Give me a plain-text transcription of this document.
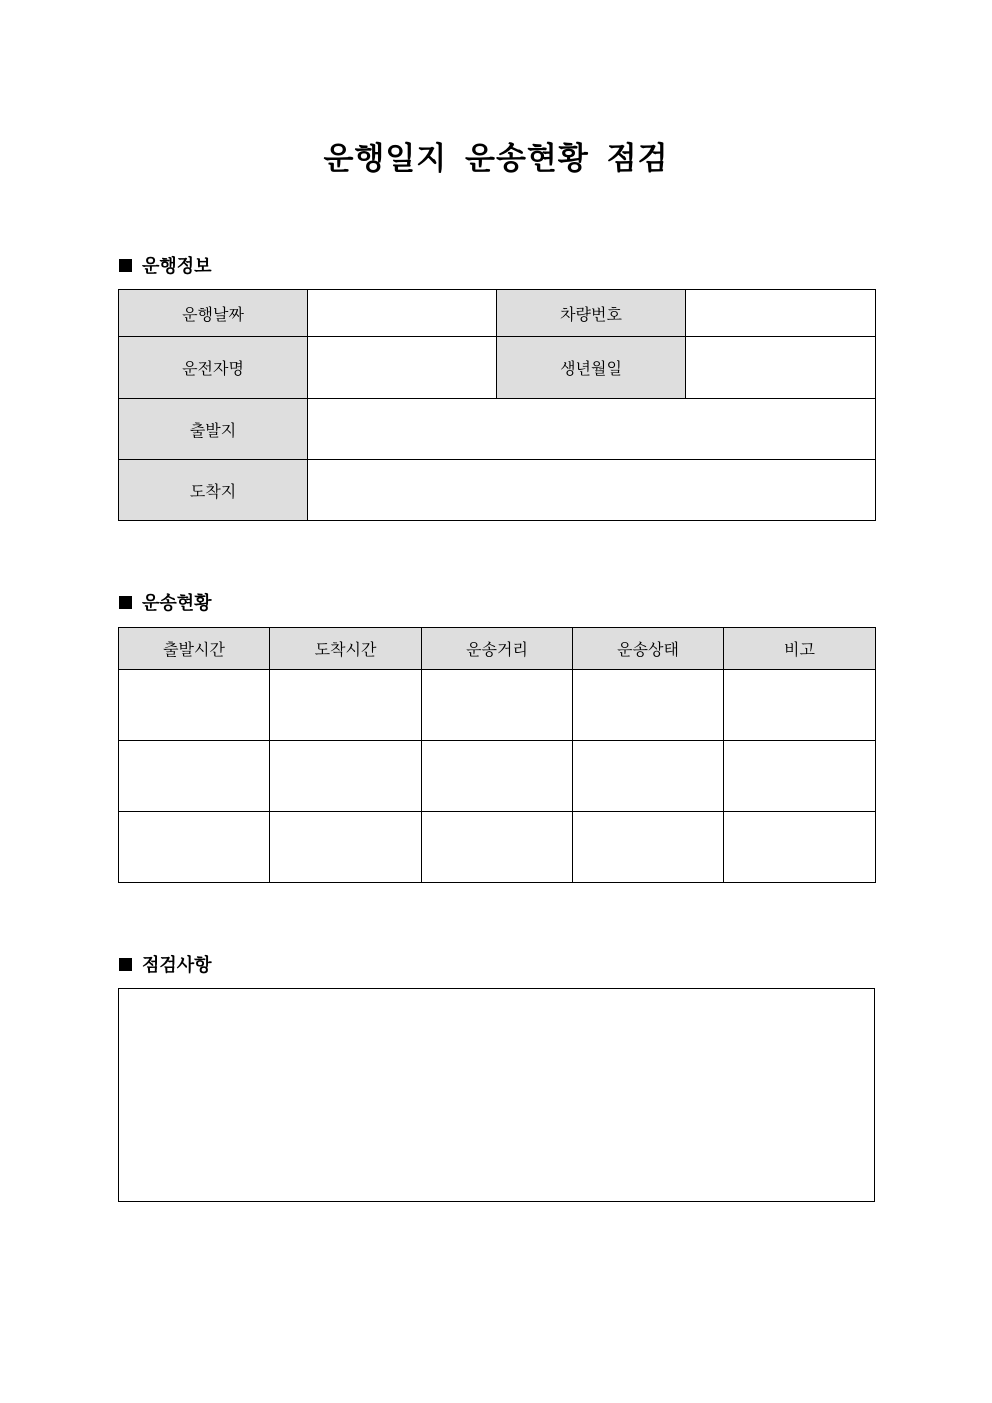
운행일지 운송현황 점검
운행정보
운행날짜		차량번호	
운전자명		생년월일	
출발지			
도착지			
운송현황
출발시간	도착시간	운송거리	운송상태	비고

점검사항
